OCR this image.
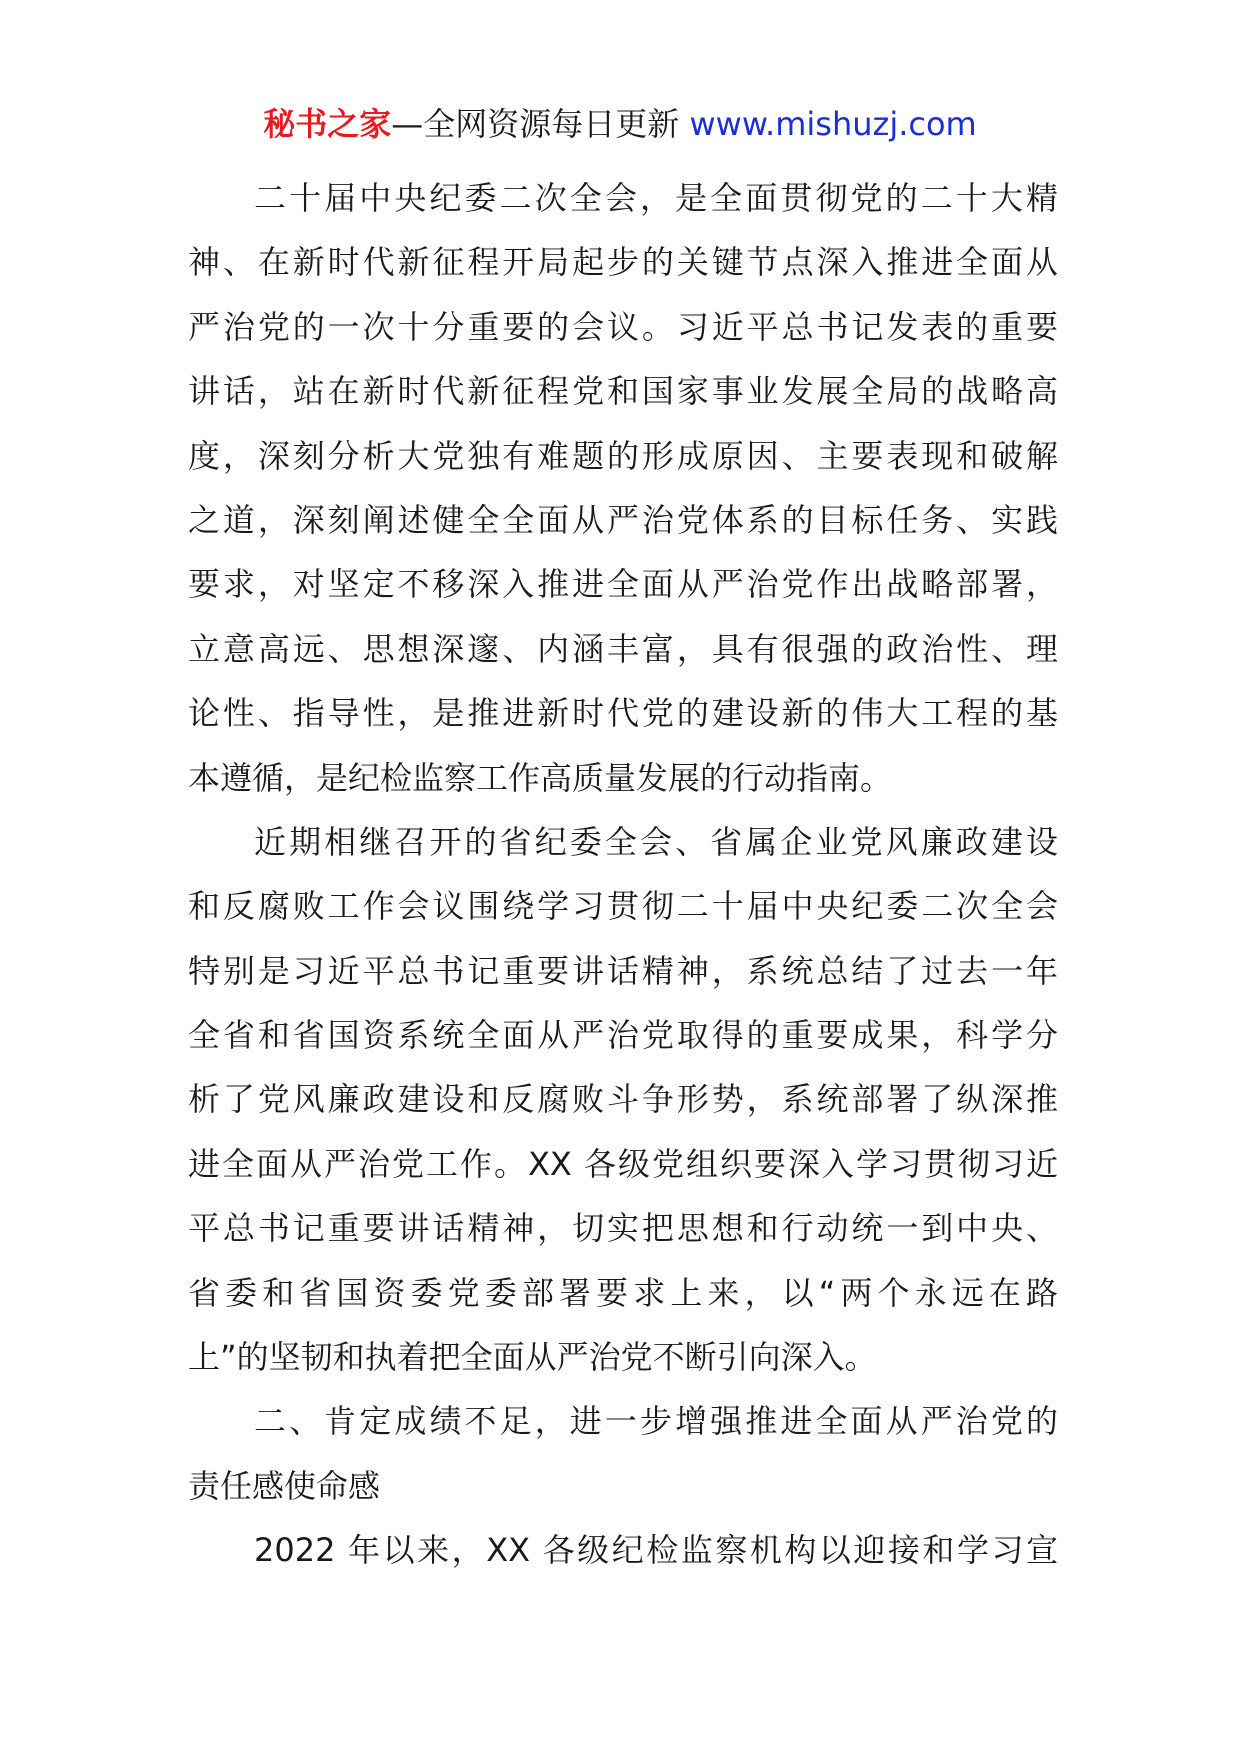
秘书之家—全网资源每日更新 www.mishuzj.com
二十届中央纪委二次全会，是全面贯彻党的二十大精
神、在新时代新征程开局起步的关键节点深入推进全面从
严治党的一次十分重要的会议。习近平总书记发表的重要
讲话，站在新时代新征程党和国家事业发展全局的战略高
度，深刻分析大党独有难题的形成原因、主要表现和破解
之道，深刻阐述健全全面从严治党体系的目标任务、实践
要求，对坚定不移深入推进全面从严治党作出战略部署，
立意高远、思想深邃、内涵丰富，具有很强的政治性、理
论性、指导性，是推进新时代党的建设新的伟大工程的基
本遵循，是纪检监察工作高质量发展的行动指南。
近期相继召开的省纪委全会、省属企业党风廉政建设
和反腐败工作会议围绕学习贯彻二十届中央纪委二次全会
特别是习近平总书记重要讲话精神，系统总结了过去一年
全省和省国资系统全面从严治党取得的重要成果，科学分
析了党风廉政建设和反腐败斗争形势，系统部署了纵深推
进全面从严治党工作。XX 各级党组织要深入学习贯彻习近
平总书记重要讲话精神，切实把思想和行动统一到中央、
省委和省国资委党委部署要求上来，以“两个永远在路
上”的坚韧和执着把全面从严治党不断引向深入。
二、肯定成绩不足，进一步增强推进全面从严治党的
责任感使命感
2022 年以来，XX 各级纪检监察机构以迎接和学习宣
